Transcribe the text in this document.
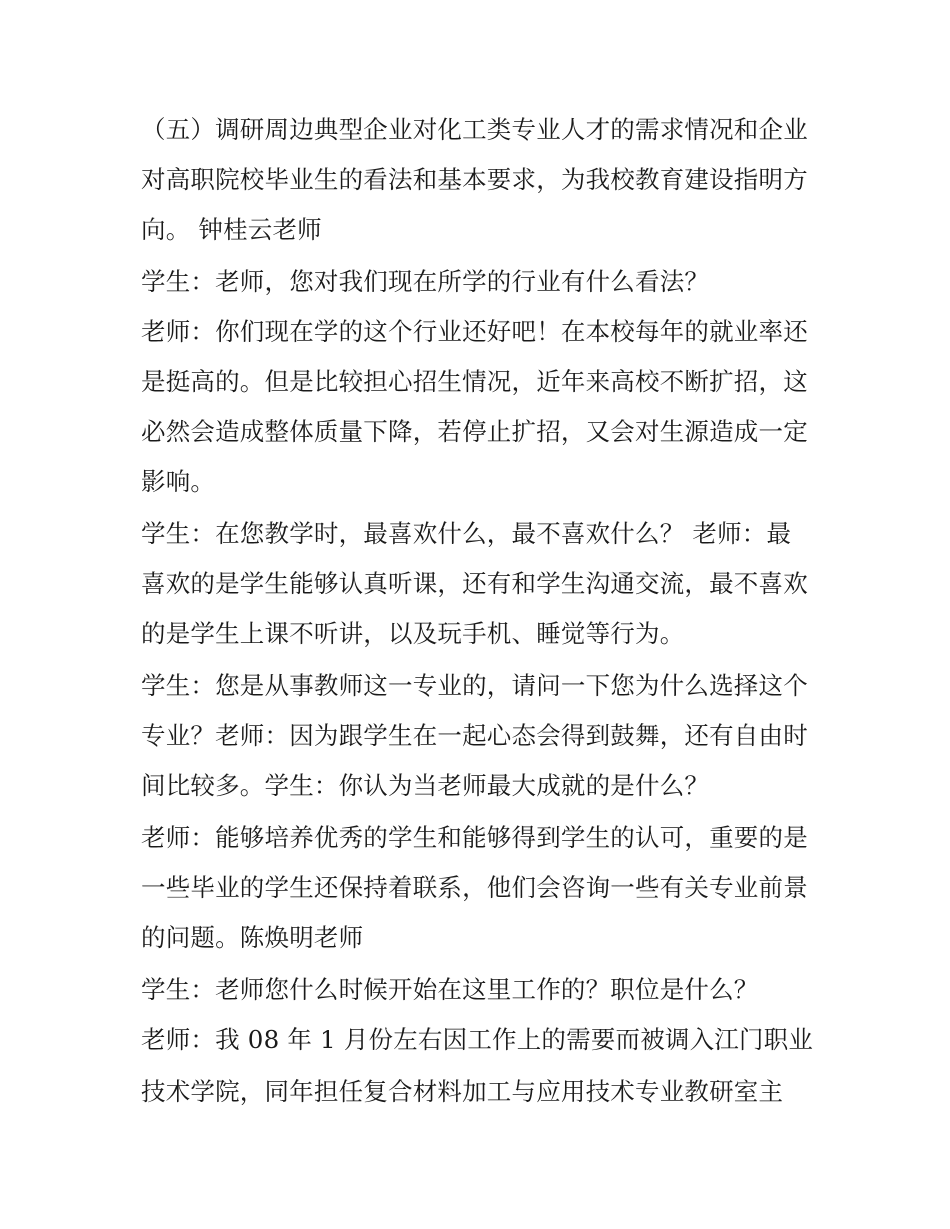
（五）调研周边典型企业对化工类专业人才的需求情况和企业
对高职院校毕业生的看法和基本要求，为我校教育建设指明方
向。 钟桂云老师
学生：老师，您对我们现在所学的行业有什么看法？
老师：你们现在学的这个行业还好吧！在本校每年的就业率还
是挺高的。但是比较担心招生情况，近年来高校不断扩招，这
必然会造成整体质量下降，若停止扩招，又会对生源造成一定
影响。
学生：在您教学时，最喜欢什么，最不喜欢什么？ 老师：最
喜欢的是学生能够认真听课，还有和学生沟通交流，最不喜欢
的是学生上课不听讲，以及玩手机、睡觉等行为。
学生：您是从事教师这一专业的，请问一下您为什么选择这个
专业？老师：因为跟学生在一起心态会得到鼓舞，还有自由时
间比较多。学生：你认为当老师最大成就的是什么？
老师：能够培养优秀的学生和能够得到学生的认可，重要的是
一些毕业的学生还保持着联系，他们会咨询一些有关专业前景
的问题。陈焕明老师
学生：老师您什么时候开始在这里工作的？职位是什么？
老师：我 08 年 1 月份左右因工作上的需要而被调入江门职业
技术学院，同年担任复合材料加工与应用技术专业教研室主
